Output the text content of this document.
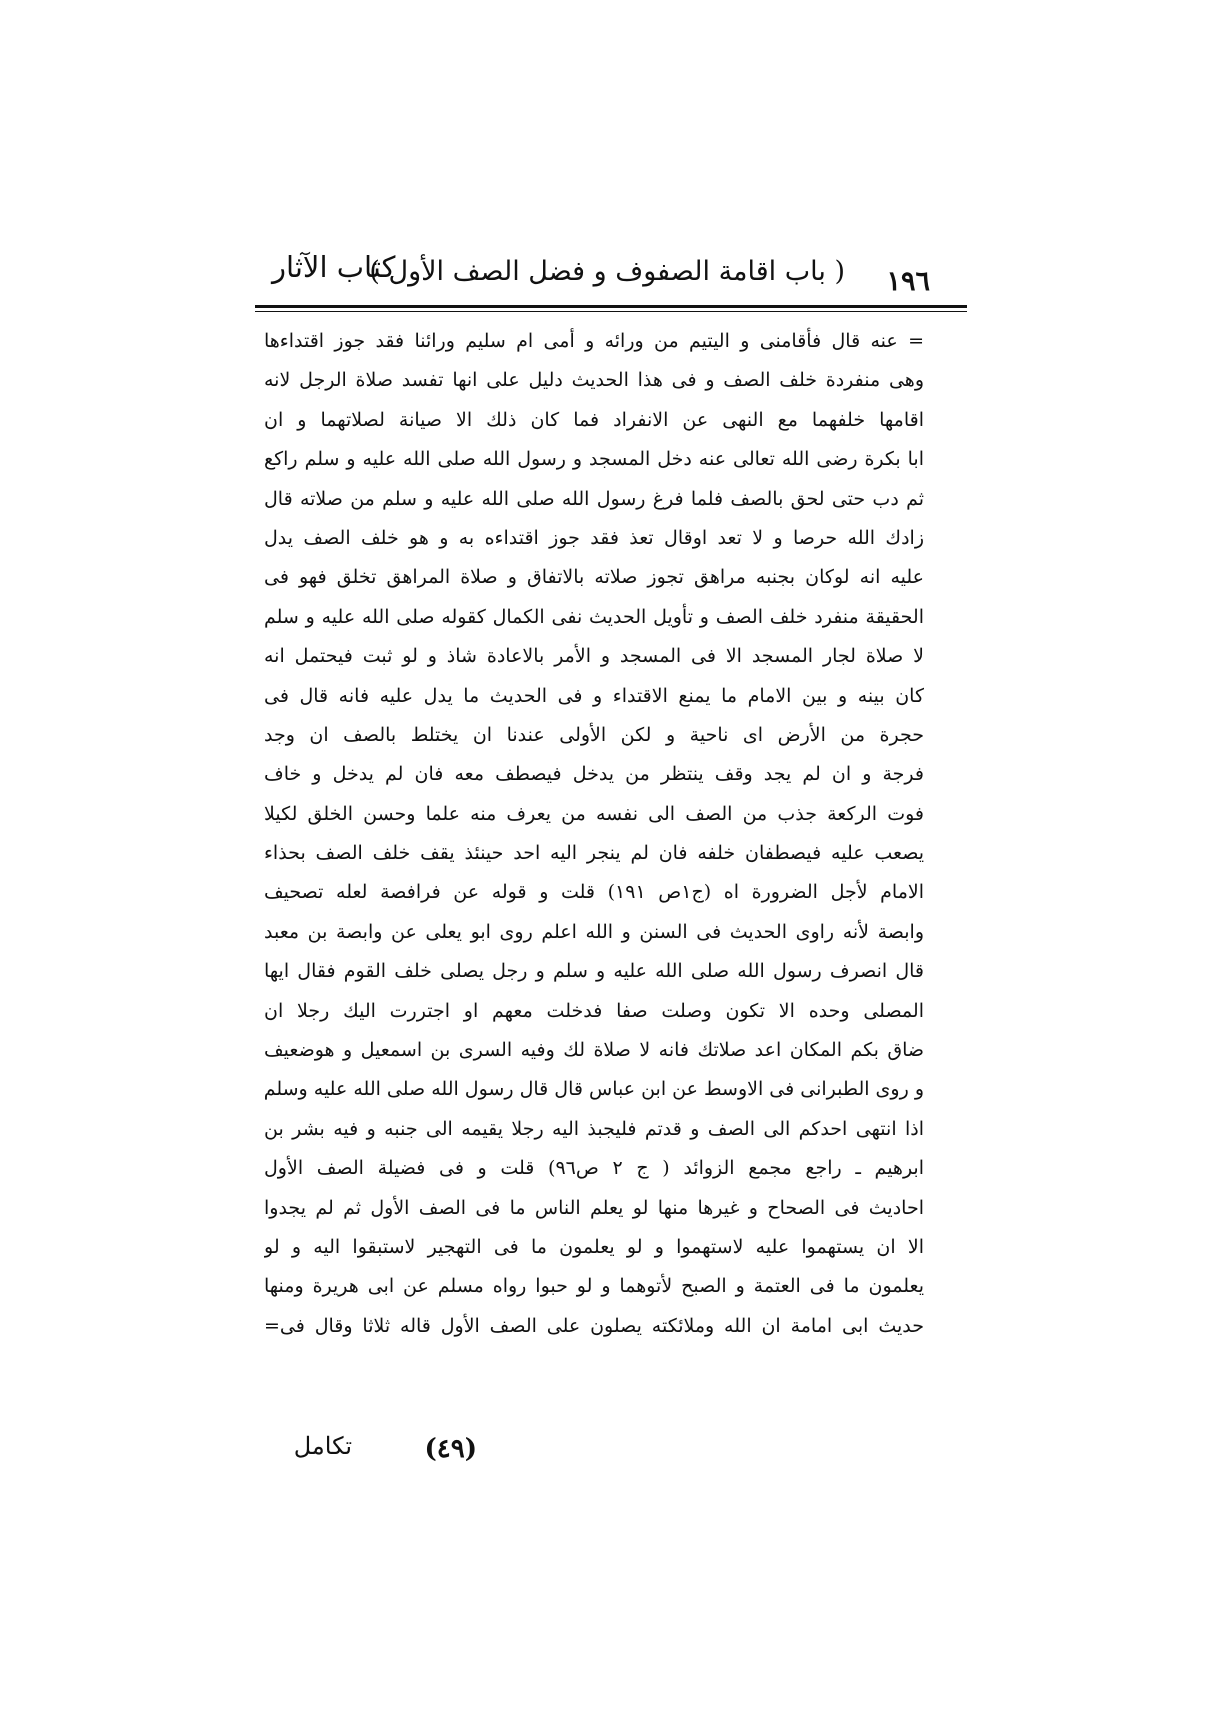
١٩٦
( باب اقامة الصفوف و فضل الصف الأول )
كتاب الآثار
= عنه قال فأقامنی و الیتیم من ورائه و أمی ام سلیم ورائنا فقد جوز اقتداءها
وهی منفردة خلف الصف و فی هذا الحدیث دلیل علی انها تفسد صلاة الرجل لانه
اقامها خلفهما مع النهی عن الانفراد فما کان ذلك الا صیانة لصلاتهما و ان
ابا بکرة رضی الله تعالی عنه دخل المسجد و رسول الله صلی الله علیه و سلم راکع
ثم دب حتی لحق بالصف فلما فرغ رسول الله صلی الله علیه و سلم من صلاته قال
زادك الله حرصا و لا تعد اوقال تعذ فقد جوز اقتداءه به و هو خلف الصف یدل
علیه انه لوکان بجنبه مراهق تجوز صلاته بالاتفاق و صلاة المراهق تخلق فهو فی
الحقیقة منفرد خلف الصف و تأویل الحدیث نفی الکمال کقوله صلی الله علیه و سلم
لا صلاة لجار المسجد الا فی المسجد و الأمر بالاعادة شاذ و لو ثبت فیحتمل انه
کان بینه و بین الامام ما یمنع الاقتداء و فی الحدیث ما یدل علیه فانه قال فی
حجرة من الأرض ای ناحیة و لکن الأولی عندنا ان یختلط بالصف ان وجد
فرجة و ان لم یجد وقف ینتظر من یدخل فیصطف معه فان لم یدخل و خاف
فوت الرکعة جذب من الصف الی نفسه من یعرف منه علما وحسن الخلق لکیلا
یصعب علیه فیصطفان خلفه فان لم ینجر الیه احد حینئذ یقف خلف الصف بحذاء
الامام لأجل الضرورة اه (ج١ص ١٩١) قلت و قوله عن فرافصة لعله تصحیف
وابصة لأنه راوی الحدیث فی السنن و الله اعلم روی ابو یعلی عن وابصة بن معبد
قال انصرف رسول الله صلی الله علیه و سلم و رجل یصلی خلف القوم فقال ایها
المصلی وحده الا تکون وصلت صفا فدخلت معهم او اجتررت الیك رجلا ان
ضاق بکم المکان اعد صلاتك فانه لا صلاة لك وفیه السری بن اسمعیل و هوضعیف
و روی الطبرانی فی الاوسط عن ابن عباس قال قال رسول الله صلی الله علیه وسلم
اذا انتهی احدکم الی الصف و قدتم فلیجبذ الیه رجلا یقیمه الی جنبه و فیه بشر بن
ابرهیم ـ راجع مجمع الزوائد ( ج ٢ ص٩٦) قلت و فی فضیلة الصف الأول
احادیث فی الصحاح و غیرها منها لو یعلم الناس ما فی الصف الأول ثم لم یجدوا
الا ان یستهموا علیه لاستهموا و لو یعلمون ما فی التهجیر لاستبقوا الیه و لو
یعلمون ما فی العتمة و الصبح لأتوهما و لو حبوا رواه مسلم عن ابی هریرة ومنها
حدیث ابی امامة ان الله وملائکته یصلون علی الصف الأول قاله ثلاثا وقال فی=
(٤٩)
تکامل
